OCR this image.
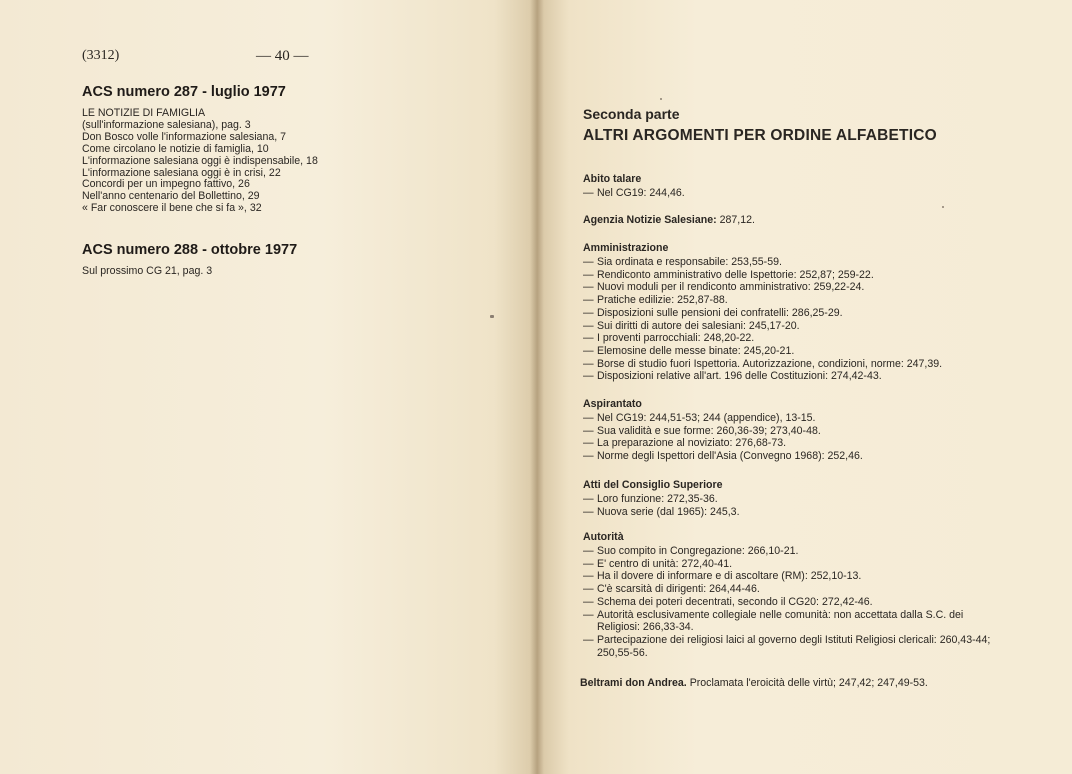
(3312)	— 40 —
ACS numero 287 - luglio 1977
LE NOTIZIE DI FAMIGLIA
(sull'informazione salesiana), pag. 3
Don Bosco volle l'informazione salesiana, 7
Come circolano le notizie di famiglia, 10
L'informazione salesiana oggi è indispensabile, 18
L'informazione salesiana oggi è in crisi, 22
Concordi per un impegno fattivo, 26
Nell'anno centenario del Bollettino, 29
« Far conoscere il bene che si fa », 32
ACS numero 288 - ottobre 1977
Sul prossimo CG 21, pag. 3
Seconda parte
ALTRI ARGOMENTI PER ORDINE ALFABETICO
Abito talare
— Nel CG19: 244,46.
Agenzia Notizie Salesiane: 287,12.
Amministrazione
— Sia ordinata e responsabile: 253,55-59.
— Rendiconto amministrativo delle Ispettorie: 252,87; 259-22.
— Nuovi moduli per il rendiconto amministrativo: 259,22-24.
— Pratiche edilizie: 252,87-88.
— Disposizioni sulle pensioni dei confratelli: 286,25-29.
— Sui diritti di autore dei salesiani: 245,17-20.
— I proventi parrocchiali: 248,20-22.
— Elemosine delle messe binate: 245,20-21.
— Borse di studio fuori Ispettoria. Autorizzazione, condizioni, norme: 247,39.
— Disposizioni relative all'art. 196 delle Costituzioni: 274,42-43.
Aspirantato
— Nel CG19: 244,51-53; 244 (appendice), 13-15.
— Sua validità e sue forme: 260,36-39; 273,40-48.
— La preparazione al noviziato: 276,68-73.
— Norme degli Ispettori dell'Asia (Convegno 1968): 252,46.
Atti del Consiglio Superiore
— Loro funzione: 272,35-36.
— Nuova serie (dal 1965): 245,3.
Autorità
— Suo compito in Congregazione: 266,10-21.
— E' centro di unità: 272,40-41.
— Ha il dovere di informare e di ascoltare (RM): 252,10-13.
— C'è scarsità di dirigenti: 264,44-46.
— Schema dei poteri decentrati, secondo il CG20: 272,42-46.
— Autorità esclusivamente collegiale nelle comunità: non accettata dalla S.C. dei Religiosi: 266,33-34.
— Partecipazione dei religiosi laici al governo degli Istituti Religiosi clericali: 260,43-44; 250,55-56.
Beltrami don Andrea. Proclamata l'eroicità delle virtù; 247,42; 247,49-53.
